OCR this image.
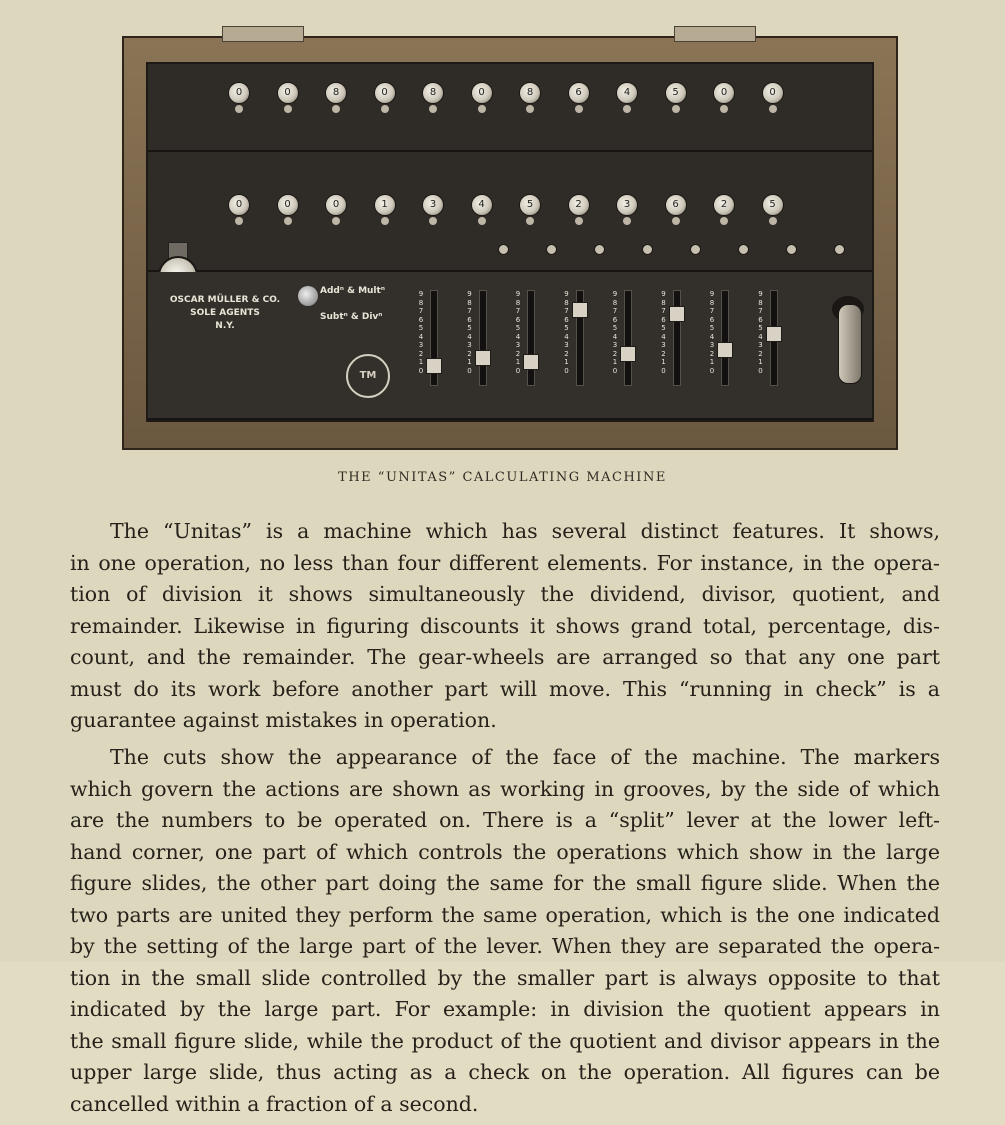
0	0	8	0	8	0	8	6	4	5	0	0
0	0	0	1	3	4	5	2	3	6	2	5
9
8
7
6
5
4
3
2
1
0
9
8
7
6
5
4
3
2
1
0
9
8
7
6
5
4
3
2
1
0
9
8
7
6
5
4
3
2
1
0
9
8
7
6
5
4
3
2
1
0
9
8
7
6
5
4
3
2
1
0
9
8
7
6
5
4
3
2
1
0
9
8
7
6
5
4
3
2
1
0
OSCAR MÜLLER & CO.
SOLE AGENTS
N.Y.
Addⁿ & Multⁿ
Subtⁿ & Divⁿ
TM
THE “UNITAS” CALCULATING MACHINE
The “Unitas” is a machine which has several distinct features. It shows,
in one operation, no less than four different elements. For instance, in the opera-
tion of division it shows simultaneously the dividend, divisor, quotient, and
remainder. Likewise in figuring discounts it shows grand total, percentage, dis-
count, and the remainder. The gear-wheels are arranged so that any one part
must do its work before another part will move. This “running in check” is a
guarantee against mistakes in operation.
The cuts show the appearance of the face of the machine. The markers
which govern the actions are shown as working in grooves, by the side of which
are the numbers to be operated on. There is a “split” lever at the lower left-
hand corner, one part of which controls the operations which show in the large
figure slides, the other part doing the same for the small figure slide. When the
two parts are united they perform the same operation, which is the one indicated
by the setting of the large part of the lever. When they are separated the opera-
tion in the small slide controlled by the smaller part is always opposite to that
indicated by the large part. For example: in division the quotient appears in
the small figure slide, while the product of the quotient and divisor appears in the
upper large slide, thus acting as a check on the operation. All figures can be
cancelled within a fraction of a second.
